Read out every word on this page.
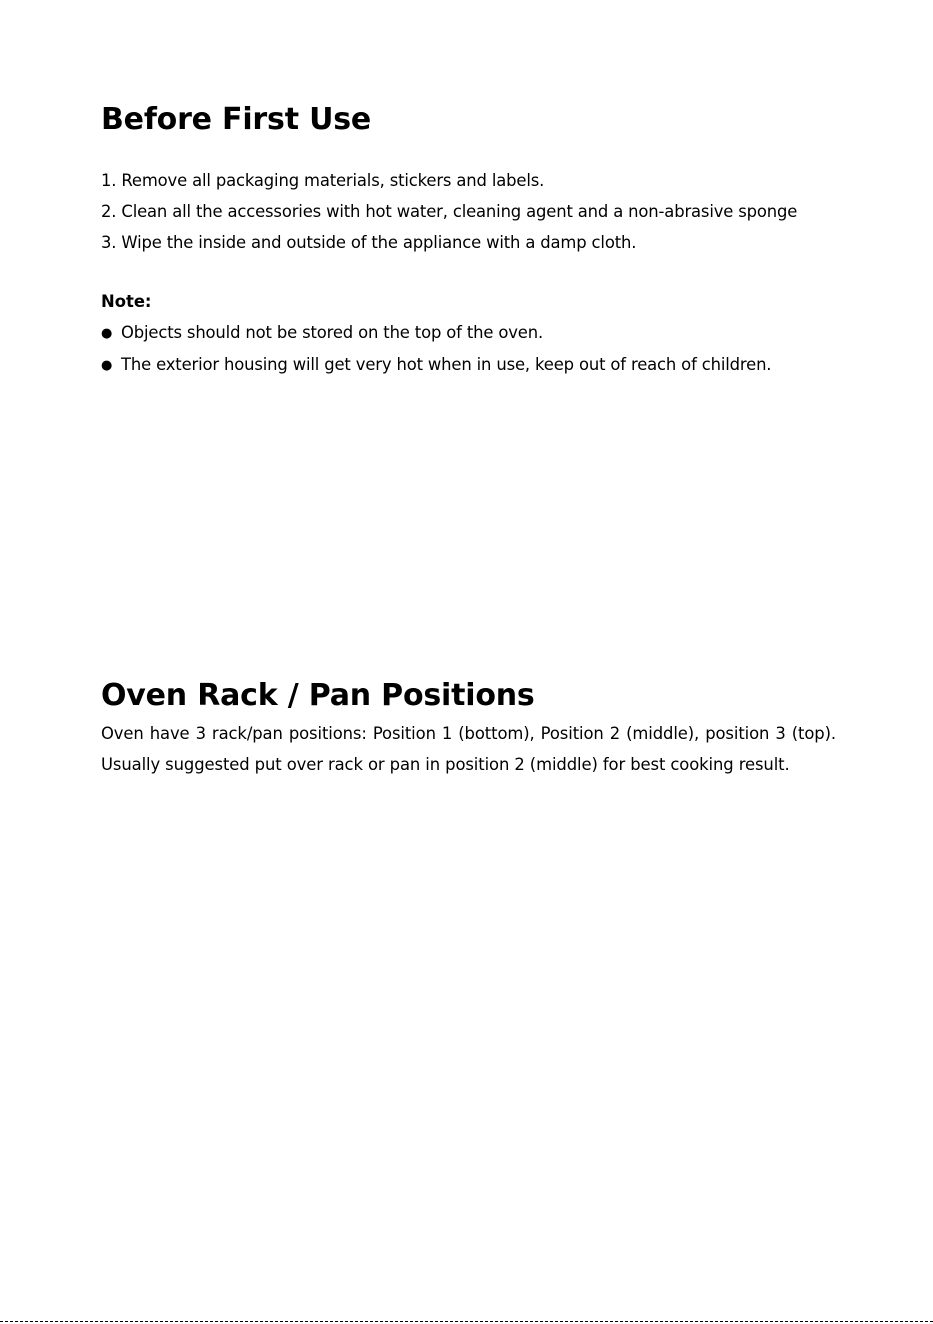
Before First Use
1. Remove all packaging materials, stickers and labels.
2. Clean all the accessories with hot water, cleaning agent and a non-abrasive sponge
3. Wipe the inside and outside of the appliance with a damp cloth.
Note:
● Objects should not be stored on the top of the oven.
● The exterior housing will get very hot when in use, keep out of reach of children.
Oven Rack / Pan Positions

Oven have 3 rack/pan positions: Position 1 (bottom), Position 2 (middle), position 3 (top). Usually suggested put over rack or pan in position 2 (middle) for best cooking result.
